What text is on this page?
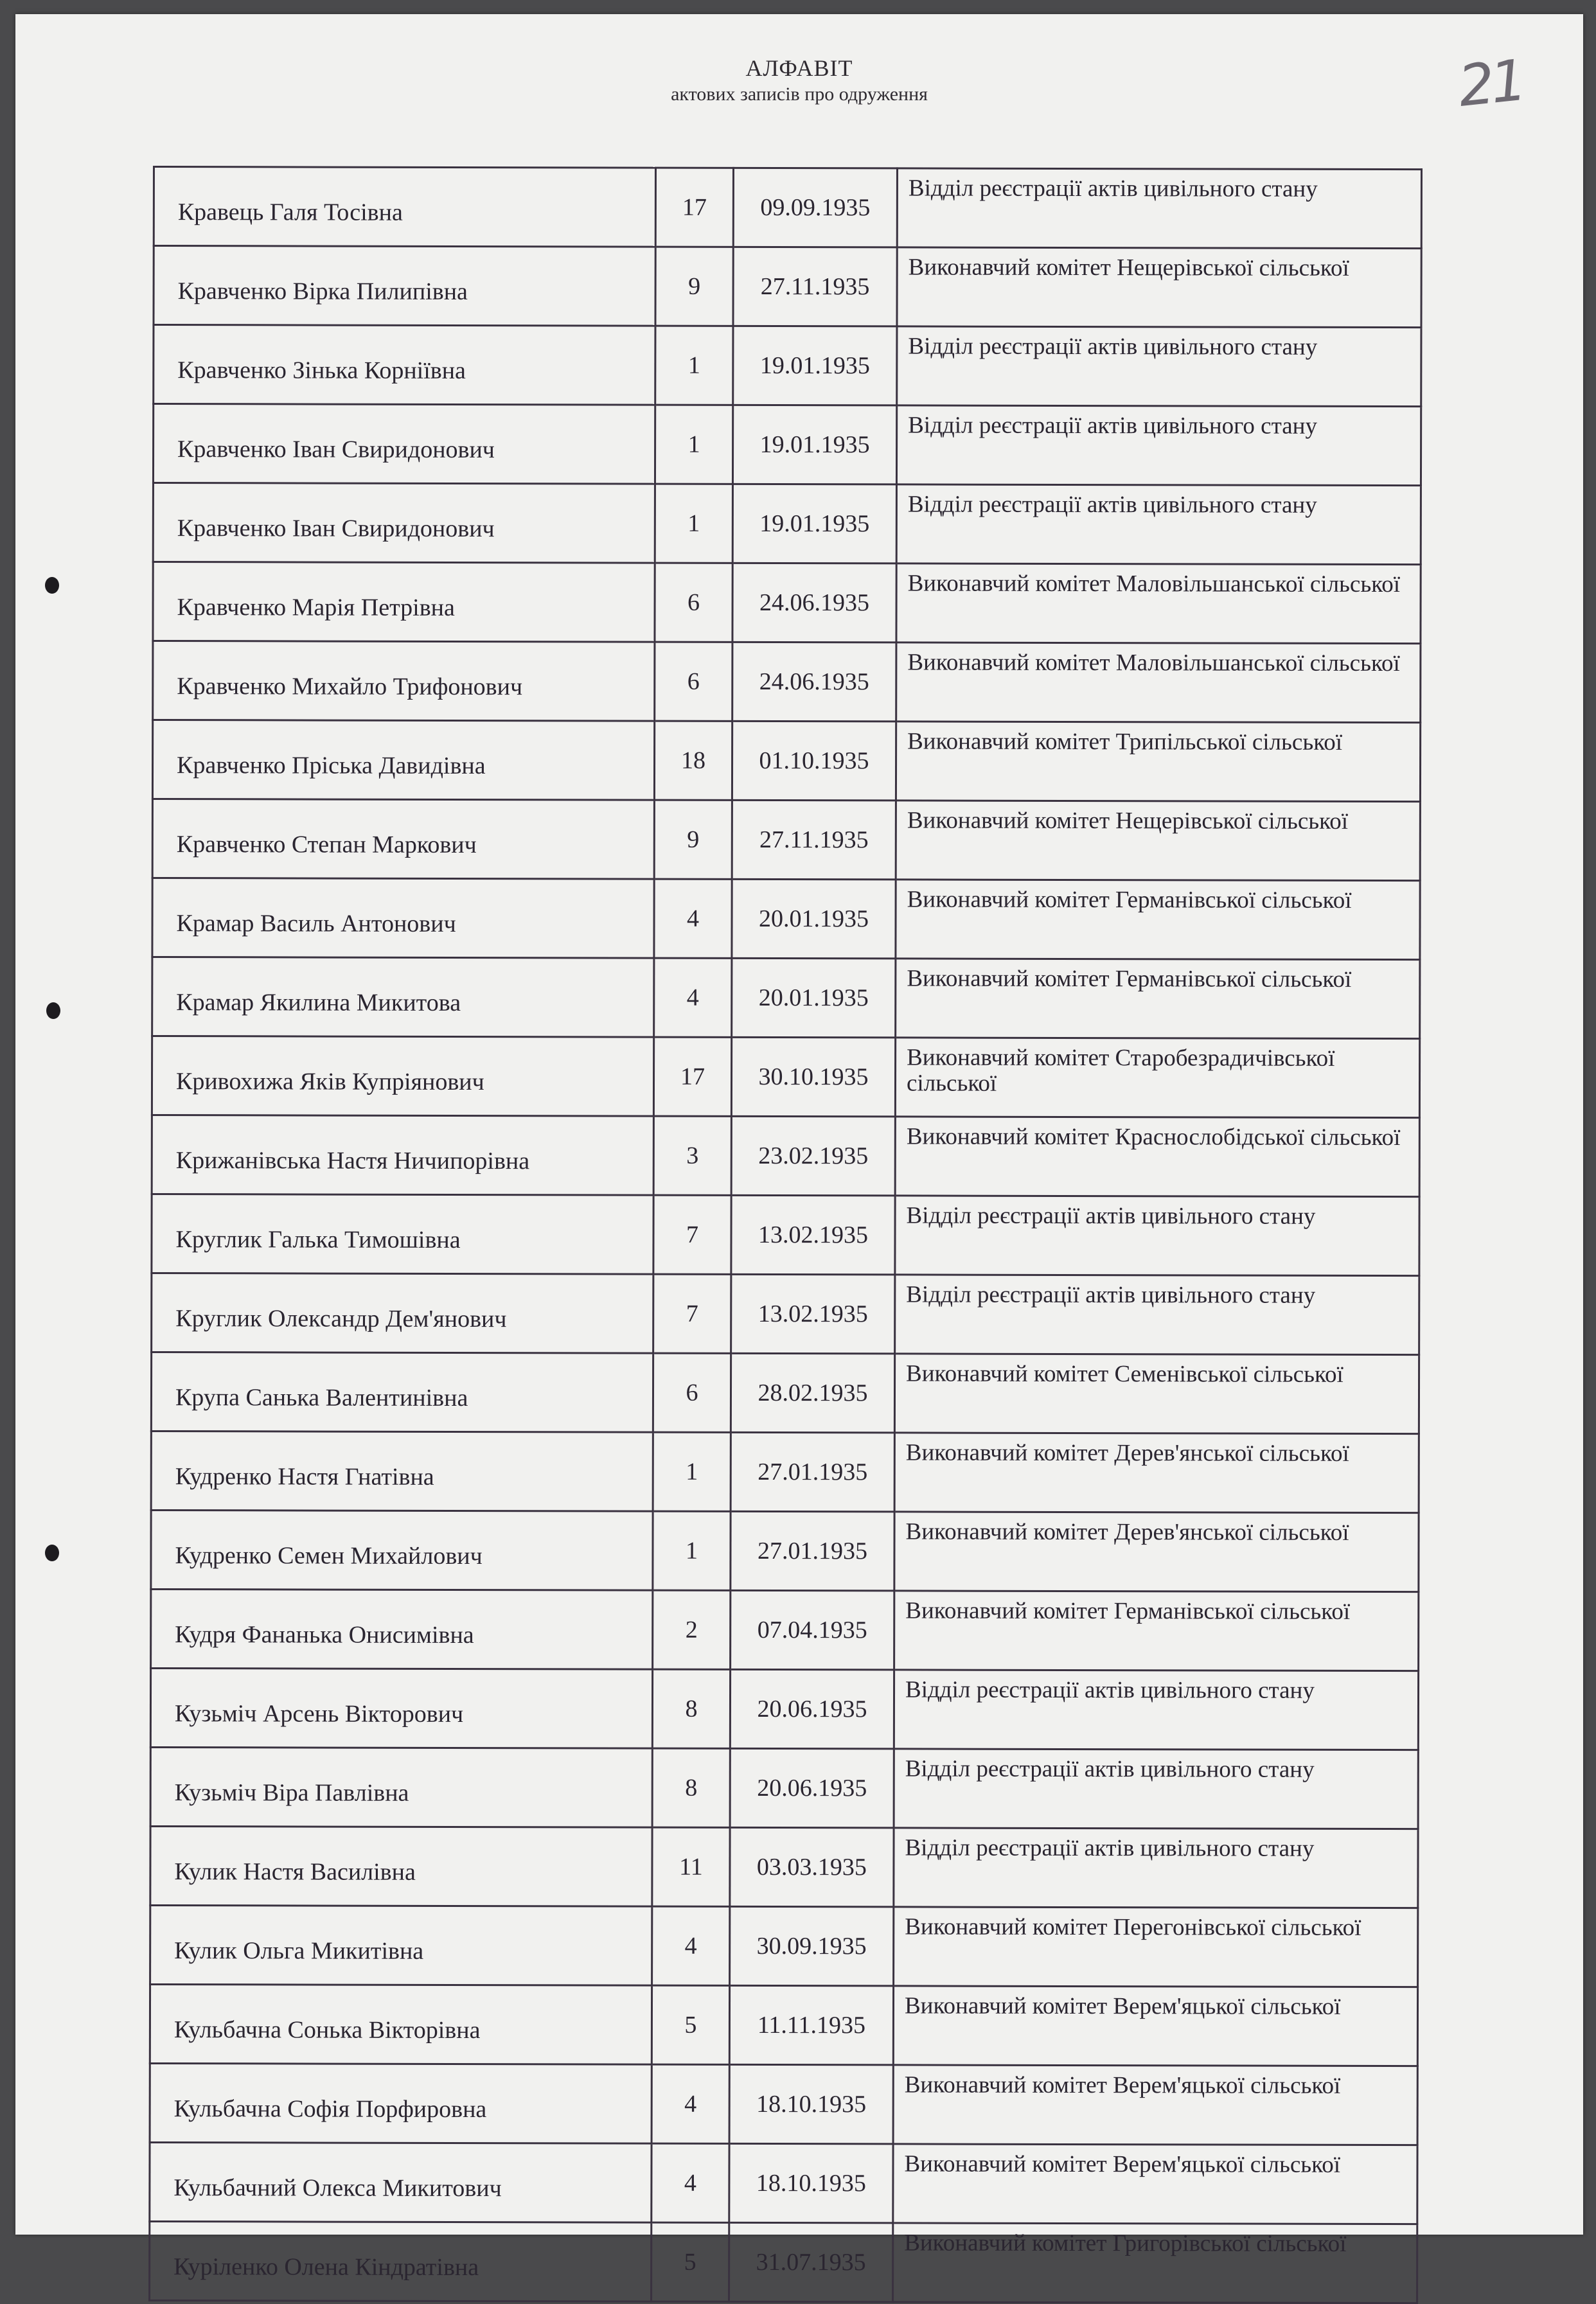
АЛФАВІТ
актових записів про одруження	21
Кравець Галя Тосівна	17	09.09.1935	Відділ реєстрації актів цивільного стану
Кравченко Вірка Пилипівна	9	27.11.1935	Виконавчий комітет Нещерівської сільської
Кравченко Зінька Корніївна	1	19.01.1935	Відділ реєстрації актів цивільного стану
Кравченко Іван Свиридонович	1	19.01.1935	Відділ реєстрації актів цивільного стану
Кравченко Іван Свиридонович	1	19.01.1935	Відділ реєстрації актів цивільного стану
Кравченко Марія Петрівна	6	24.06.1935	Виконавчий комітет Маловільшанської сільської
Кравченко Михайло Трифонович	6	24.06.1935	Виконавчий комітет Маловільшанської сільської
Кравченко Пріська Давидівна	18	01.10.1935	Виконавчий комітет Трипільської сільської
Кравченко Степан Маркович	9	27.11.1935	Виконавчий комітет Нещерівської сільської
Крамар Василь Антонович	4	20.01.1935	Виконавчий комітет Германівської сільської
Крамар Якилина Микитова	4	20.01.1935	Виконавчий комітет Германівської сільської
Кривохижа Яків Купріянович	17	30.10.1935	Виконавчий комітет Старобезрадичівської сільської
Крижанівська Настя Ничипорівна	3	23.02.1935	Виконавчий комітет Краснослобідської сільської
Круглик Галька Тимошівна	7	13.02.1935	Відділ реєстрації актів цивільного стану
Круглик Олександр Дем'янович	7	13.02.1935	Відділ реєстрації актів цивільного стану
Крупа Санька Валентинівна	6	28.02.1935	Виконавчий комітет Семенівської сільської
Кудренко Настя Гнатівна	1	27.01.1935	Виконавчий комітет Дерев'янської сільської
Кудренко Семен Михайлович	1	27.01.1935	Виконавчий комітет Дерев'янської сільської
Кудря Фананька Онисимівна	2	07.04.1935	Виконавчий комітет Германівської сільської
Кузьміч Арсень Вікторович	8	20.06.1935	Відділ реєстрації актів цивільного стану
Кузьміч Віра Павлівна	8	20.06.1935	Відділ реєстрації актів цивільного стану
Кулик Настя Василівна	11	03.03.1935	Відділ реєстрації актів цивільного стану
Кулик Ольга Микитівна	4	30.09.1935	Виконавчий комітет Перегонівської сільської
Кульбачна Сонька Вікторівна	5	11.11.1935	Виконавчий комітет Верем'яцької сільської
Кульбачна Софія Порфировна	4	18.10.1935	Виконавчий комітет Верем'яцької сільської
Кульбачний Олекса Микитович	4	18.10.1935	Виконавчий комітет Верем'яцької сільської
Куріленко Олена Кіндратівна	5	31.07.1935	Виконавчий комітет Григорівської сільської
